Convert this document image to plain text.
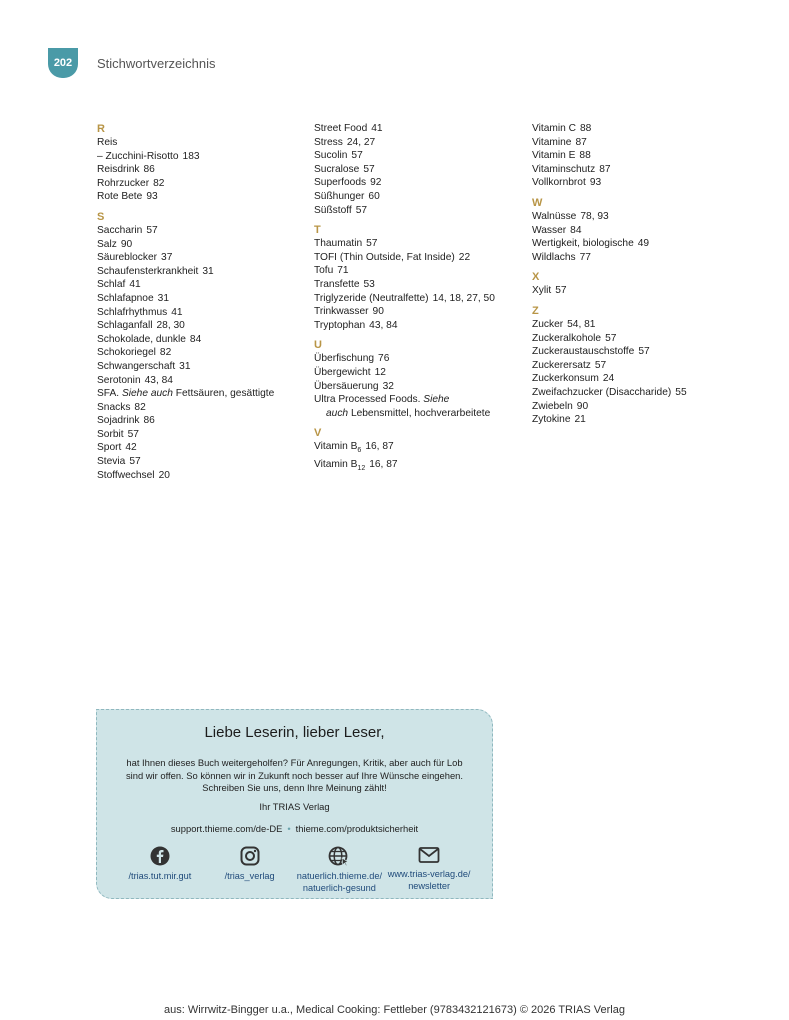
202	Stichwortverzeichnis
R
Reis
– Zucchini-Risotto 183
Reisdrink 86
Rohrzucker 82
Rote Bete 93
S
Saccharin 57
Salz 90
Säureblocker 37
Schaufensterkrankheit 31
Schlaf 41
Schlafapnoe 31
Schlafrhythmus 41
Schlaganfall 28, 30
Schokolade, dunkle 84
Schokoriegel 82
Schwangerschaft 31
Serotonin 43, 84
SFA. Siehe auch Fettsäuren, gesättigte
Snacks 82
Sojadrink 86
Sorbit 57
Sport 42
Stevia 57
Stoffwechsel 20
Street Food 41
Stress 24, 27
Sucolin 57
Sucralose 57
Superfoods 92
Süßhunger 60
Süßstoff 57
T
Thaumatin 57
TOFI (Thin Outside, Fat Inside) 22
Tofu 71
Transfette 53
Triglyzeride (Neutralfette) 14, 18, 27, 50
Trinkwasser 90
Tryptophan 43, 84
U
Überfischung 76
Übergewicht 12
Übersäuerung 32
Ultra Processed Foods. Siehe
auch Lebensmittel, hochverarbeitete
V
Vitamin $B_6$ 16, 87
Vitamin $B_{12}$ 16, 87
Vitamin C 88
Vitamine 87
Vitamin E 88
Vitaminschutz 87
Vollkornbrot 93
W
Walnüsse 78, 93
Wasser 84
Wertigkeit, biologische 49
Wildlachs 77
X
Xylit 57
Z
Zucker 54, 81
Zuckeralkohole 57
Zuckeraustauschstoffe 57
Zuckerersatz 57
Zuckerkonsum 24
Zweifachzucker (Disaccharide) 55
Zwiebeln 90
Zytokine 21
Liebe Leserin, lieber Leser,
hat Ihnen dieses Buch weitergeholfen? Für Anregungen, Kritik, aber auch für Lob
sind wir offen. So können wir in Zukunft noch besser auf Ihre Wünsche eingehen.
Schreiben Sie uns, denn Ihre Meinung zählt!
Ihr TRIAS Verlag
support.thieme.com/de-DE • thieme.com/produktsicherheit
/trias.tut.mir.gut	/trias_verlag	natuerlich.thieme.de/
natuerlich-gesund
www.trias-verlag.de/
newsletter
aus: Wirrwitz-Bingger u.a., Medical Cooking: Fettleber (9783432121673) © 2026 TRIAS Verlag
